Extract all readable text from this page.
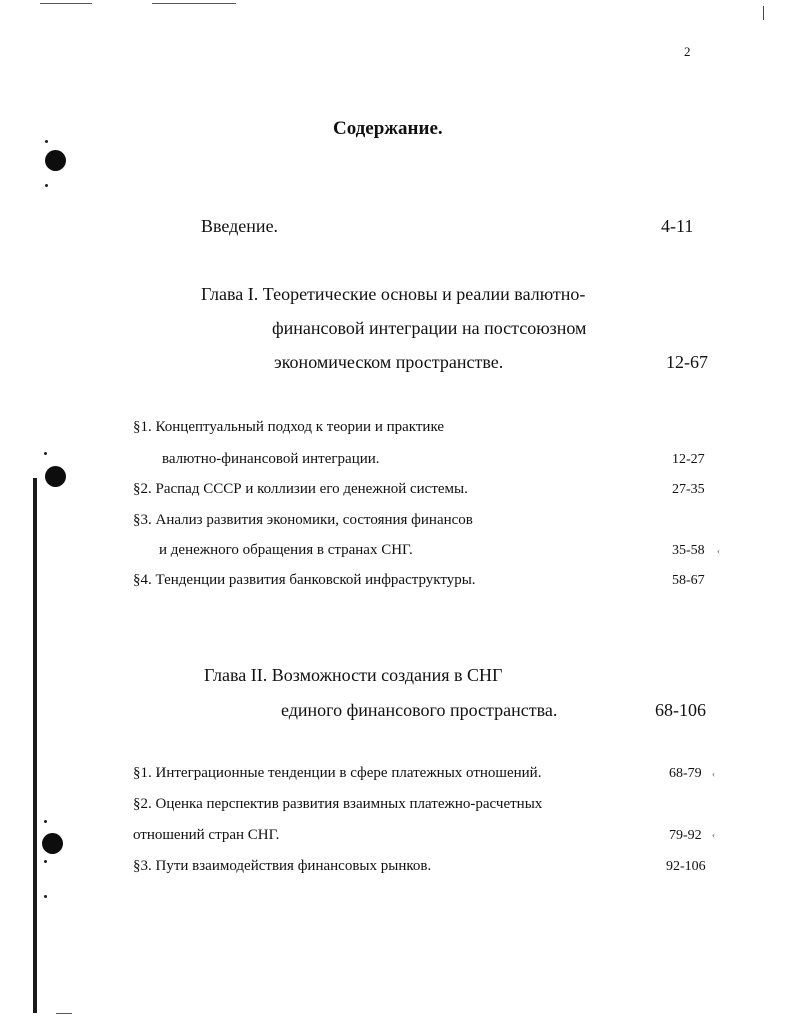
2
Содержание.
Введение.	4-11
Глава I. Теоретические основы и реалии валютно-
финансовой интеграции на постсоюзном
экономическом пространстве.	12-67
§1. Концептуальный подход к теории и практике
валютно-финансовой интеграции.	12-27
§2. Распад СССР и коллизии его денежной системы.	27-35
§3. Анализ развития экономики, состояния финансов
и денежного обращения в странах СНГ.	35-58 ‹
§4. Тенденции развития банковской инфраструктуры.	58-67
Глава II. Возможности создания в СНГ
единого финансового пространства.	68-106
§1. Интеграционные тенденции в сфере платежных отношений.	68-79 ‹
§2. Оценка перспектив развития взаимных платежно-расчетных
отношений стран СНГ.	79-92 ‹
§3. Пути взаимодействия финансовых рынков.	92-106
